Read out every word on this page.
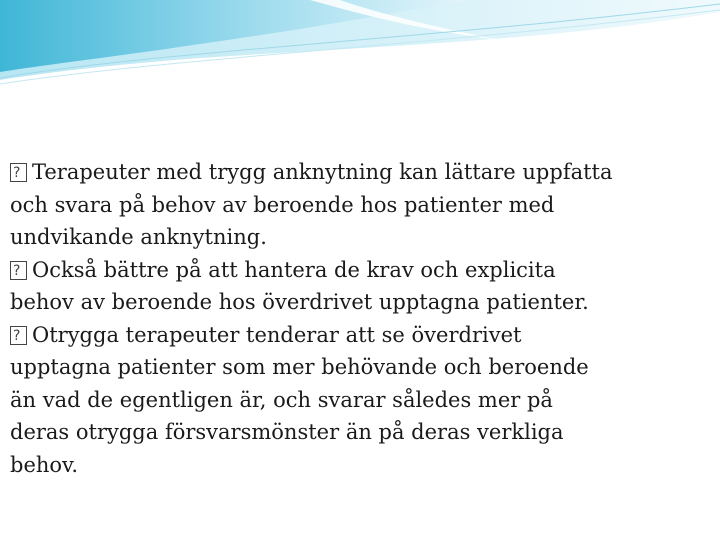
?Terapeuter med trygg anknytning kan lättare uppfatta
och svara på behov av beroende hos patienter med
undvikande anknytning.

?Också bättre på att hantera de krav och explicita
behov av beroende hos överdrivet upptagna patienter.

?Otrygga terapeuter tenderar att se överdrivet
upptagna patienter som mer behövande och beroende
än vad de egentligen är, och svarar således mer på
deras otrygga försvarsmönster än på deras verkliga
behov.
